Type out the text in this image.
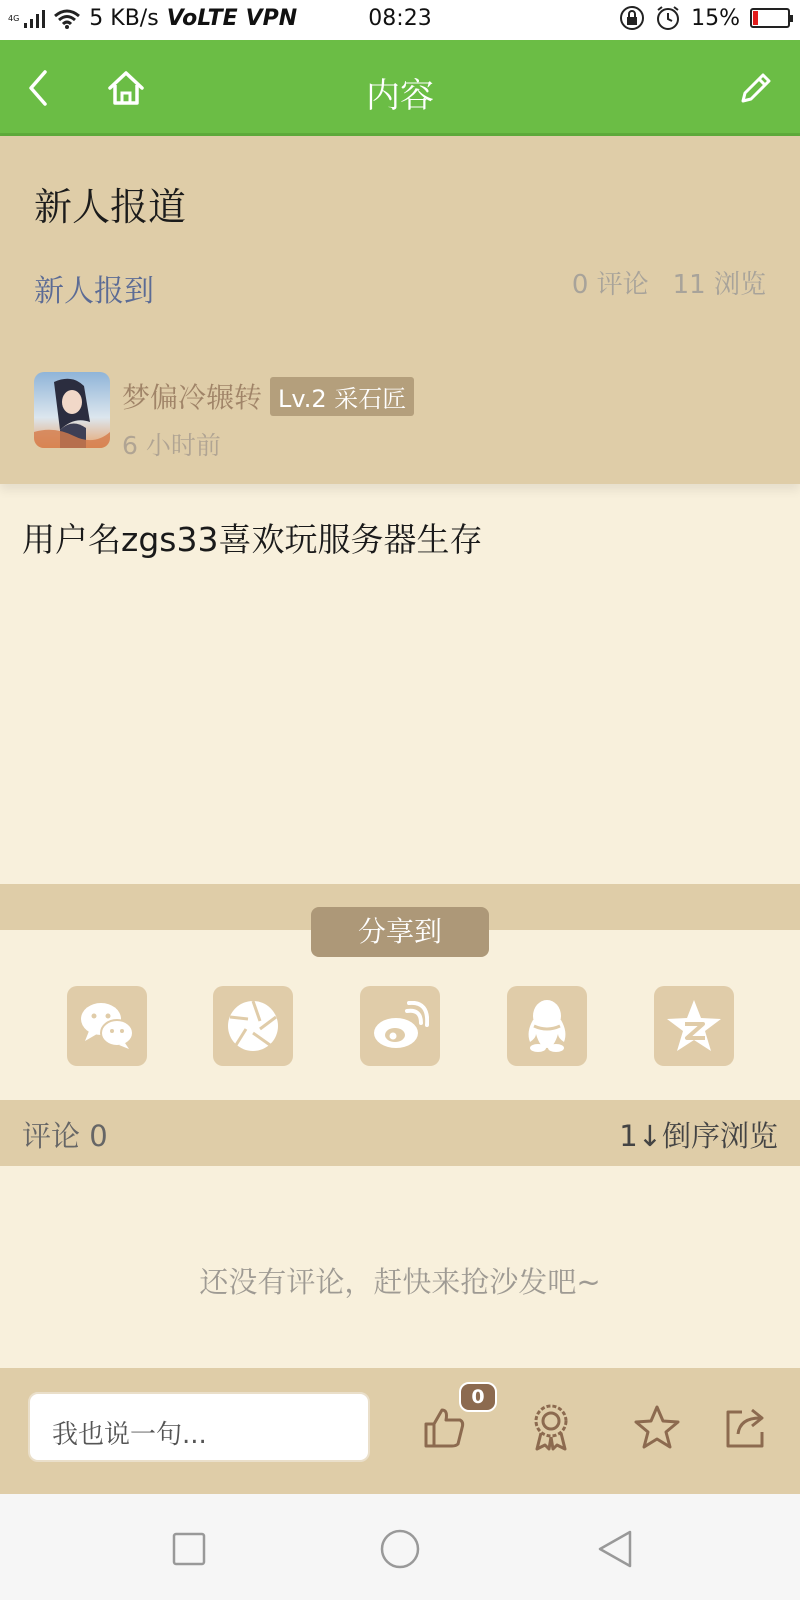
4G	5 KB/s VoLTE VPN	08:23	15%
内容
新人报道
新人报到	0 评论 11 浏览
梦偏冷辗转 Lv.2 采石匠
6 小时前
用户名zgs33喜欢玩服务器生存
分享到
评论 0	1↓倒序浏览
还没有评论，赶快来抢沙发吧~
我也说一句...
0
